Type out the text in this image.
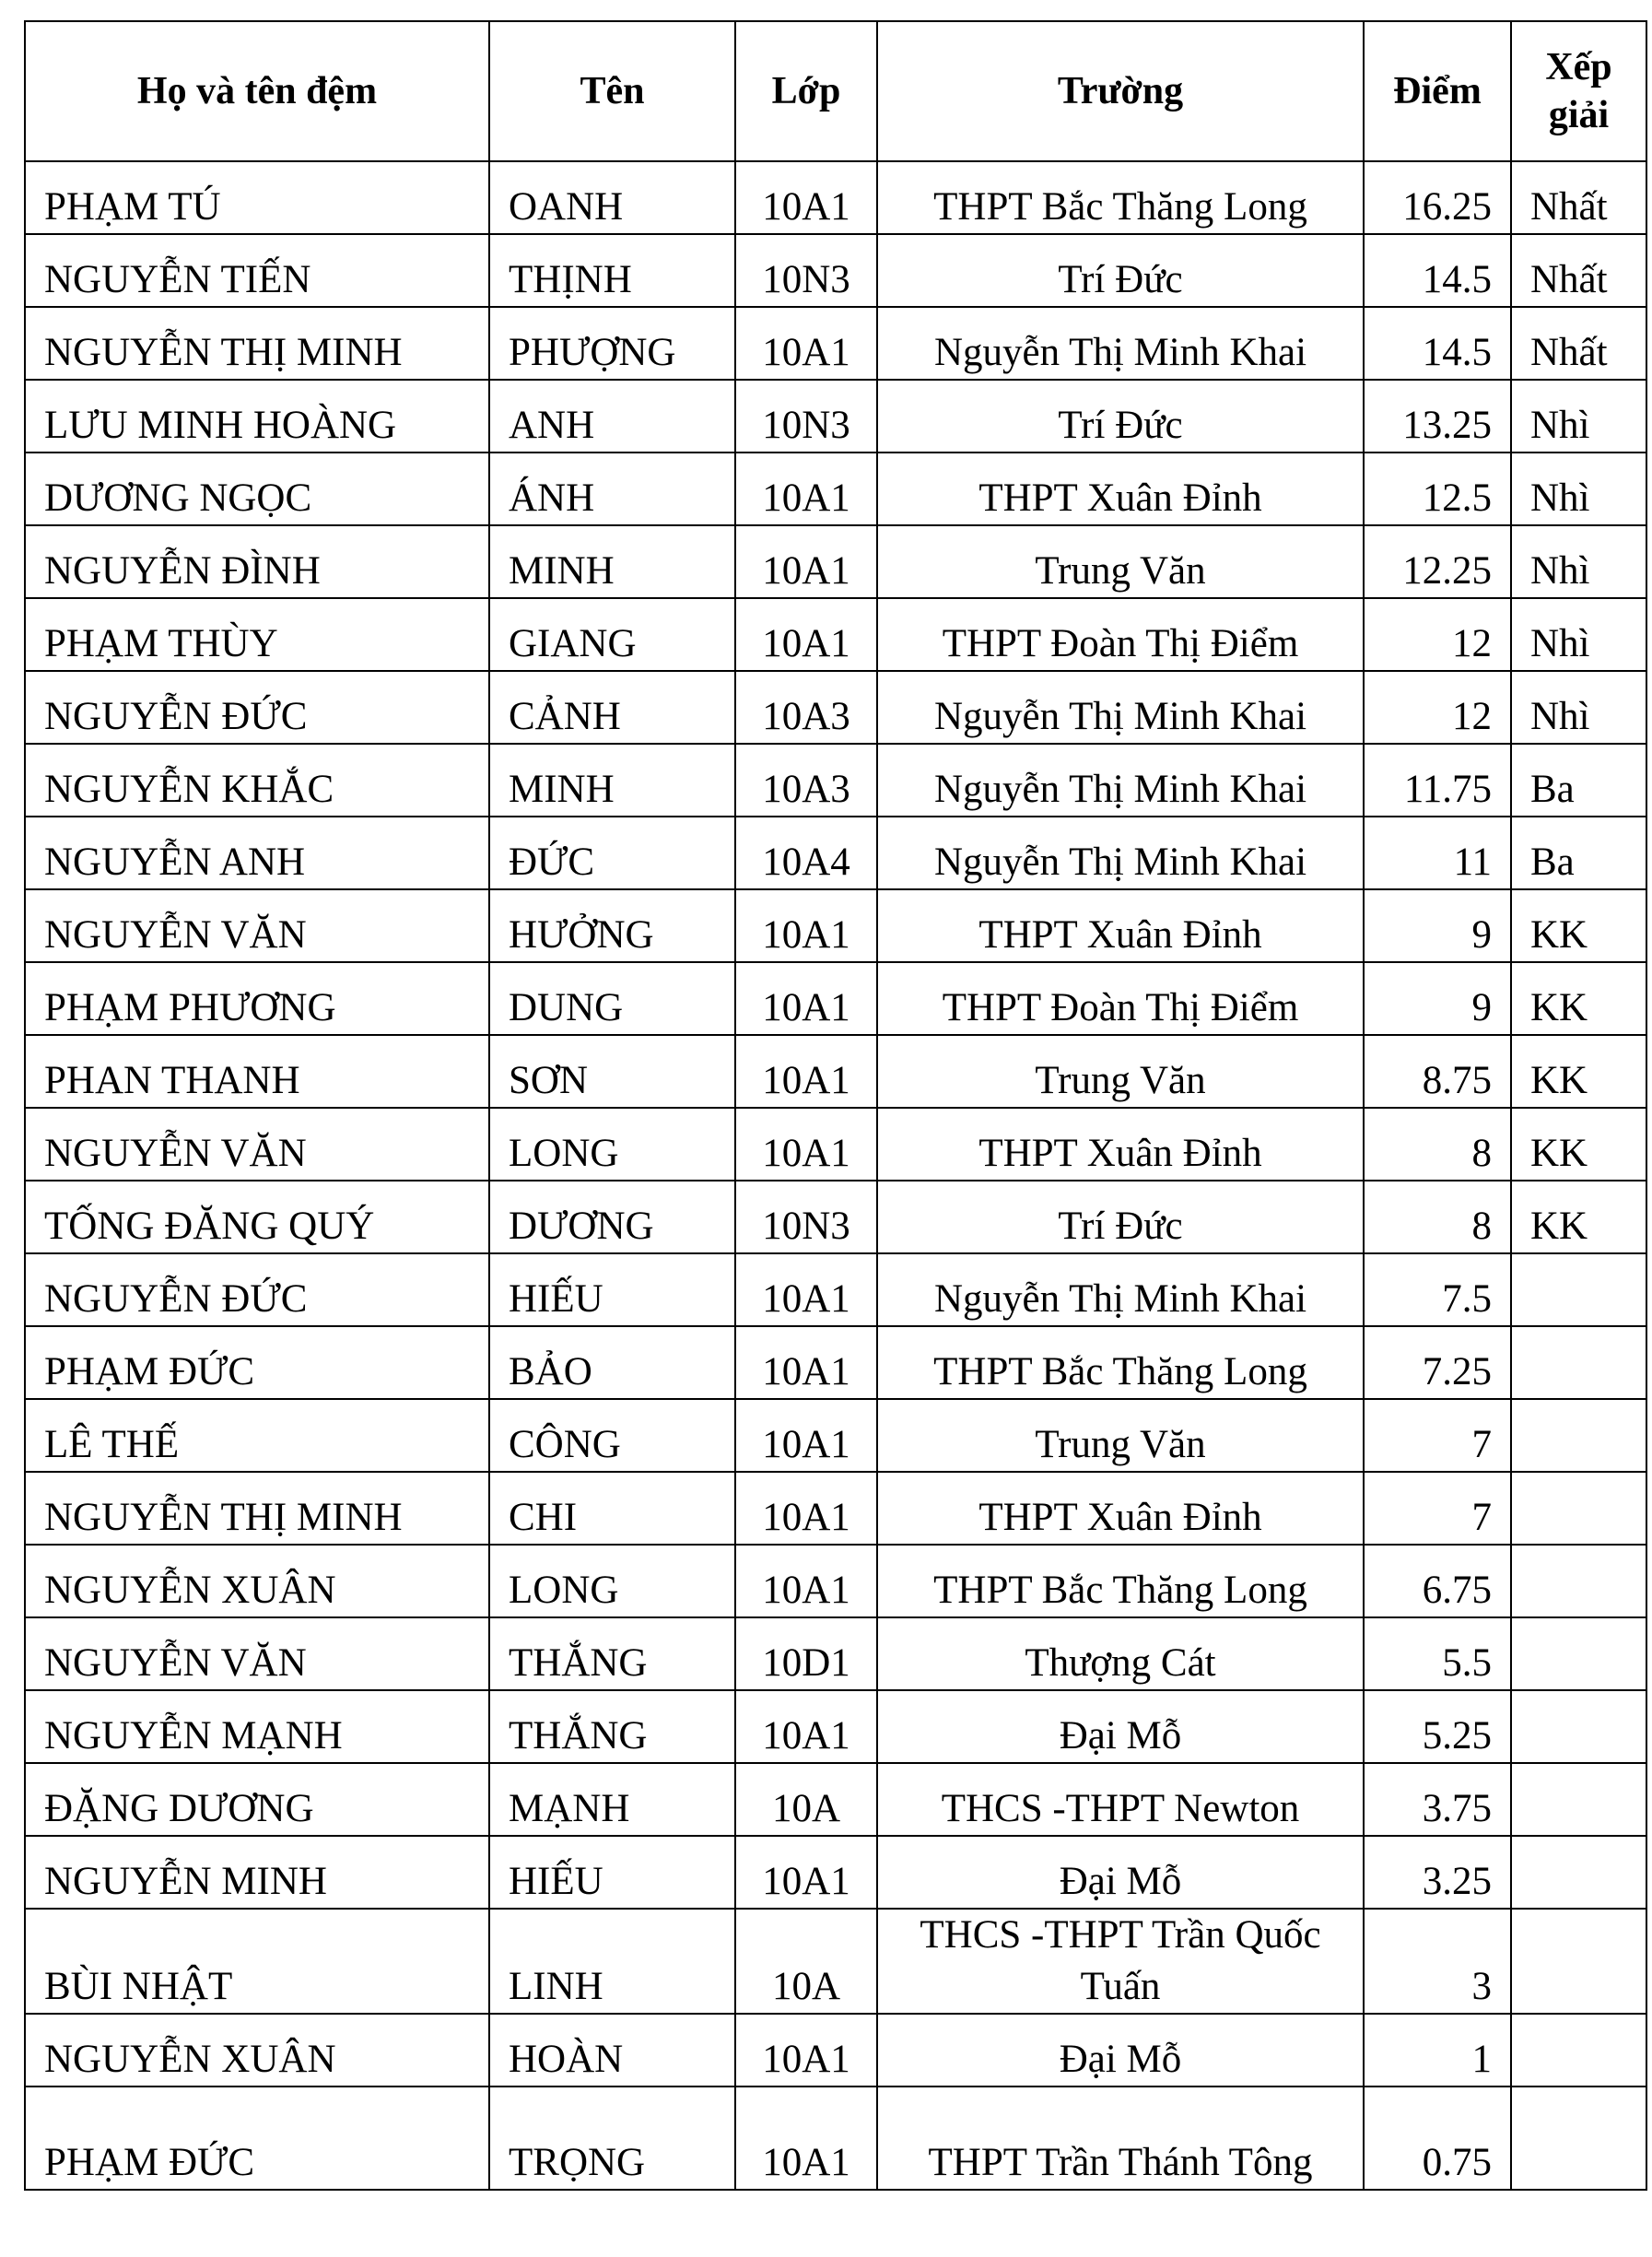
Họ và tên đệm	Tên	Lớp	Trường	Điểm	Xếp giải
PHẠM TÚ	OANH	10A1	THPT Bắc Thăng Long	16.25	Nhất
NGUYỄN TIẾN	THỊNH	10N3	Trí Đức	14.5	Nhất
NGUYỄN THỊ MINH	PHƯỢNG	10A1	Nguyễn Thị Minh Khai	14.5	Nhất
LƯU MINH HOÀNG	ANH	10N3	Trí Đức	13.25	Nhì
DƯƠNG NGỌC	ÁNH	10A1	THPT Xuân Đỉnh	12.5	Nhì
NGUYỄN ĐÌNH	MINH	10A1	Trung Văn	12.25	Nhì
PHẠM THÙY	GIANG	10A1	THPT Đoàn Thị Điểm	12	Nhì
NGUYỄN ĐỨC	CẢNH	10A3	Nguyễn Thị Minh Khai	12	Nhì
NGUYỄN KHẮC	MINH	10A3	Nguyễn Thị Minh Khai	11.75	Ba
NGUYỄN ANH	ĐỨC	10A4	Nguyễn Thị Minh Khai	11	Ba
NGUYỄN VĂN	HƯỞNG	10A1	THPT Xuân Đỉnh	9	KK
PHẠM PHƯƠNG	DUNG	10A1	THPT Đoàn Thị Điểm	9	KK
PHAN THANH	SƠN	10A1	Trung Văn	8.75	KK
NGUYỄN VĂN	LONG	10A1	THPT Xuân Đỉnh	8	KK
TỐNG ĐĂNG QUÝ	DƯƠNG	10N3	Trí Đức	8	KK
NGUYỄN ĐỨC	HIẾU	10A1	Nguyễn Thị Minh Khai	7.5	
PHẠM ĐỨC	BẢO	10A1	THPT Bắc Thăng Long	7.25	
LÊ THẾ	CÔNG	10A1	Trung Văn	7	
NGUYỄN THỊ MINH	CHI	10A1	THPT Xuân Đỉnh	7	
NGUYỄN XUÂN	LONG	10A1	THPT Bắc Thăng Long	6.75	
NGUYỄN VĂN	THẮNG	10D1	Thượng Cát	5.5	
NGUYỄN MẠNH	THẮNG	10A1	Đại Mỗ	5.25	
ĐẶNG DƯƠNG	MẠNH	10A	THCS -THPT Newton	3.75	
NGUYỄN MINH	HIẾU	10A1	Đại Mỗ	3.25	
BÙI NHẬT	LINH	10A	THCS -THPT Trần Quốc Tuấn	3	
NGUYỄN XUÂN	HOÀN	10A1	Đại Mỗ	1	
PHẠM ĐỨC	TRỌNG	10A1	THPT Trần Thánh Tông	0.75	
